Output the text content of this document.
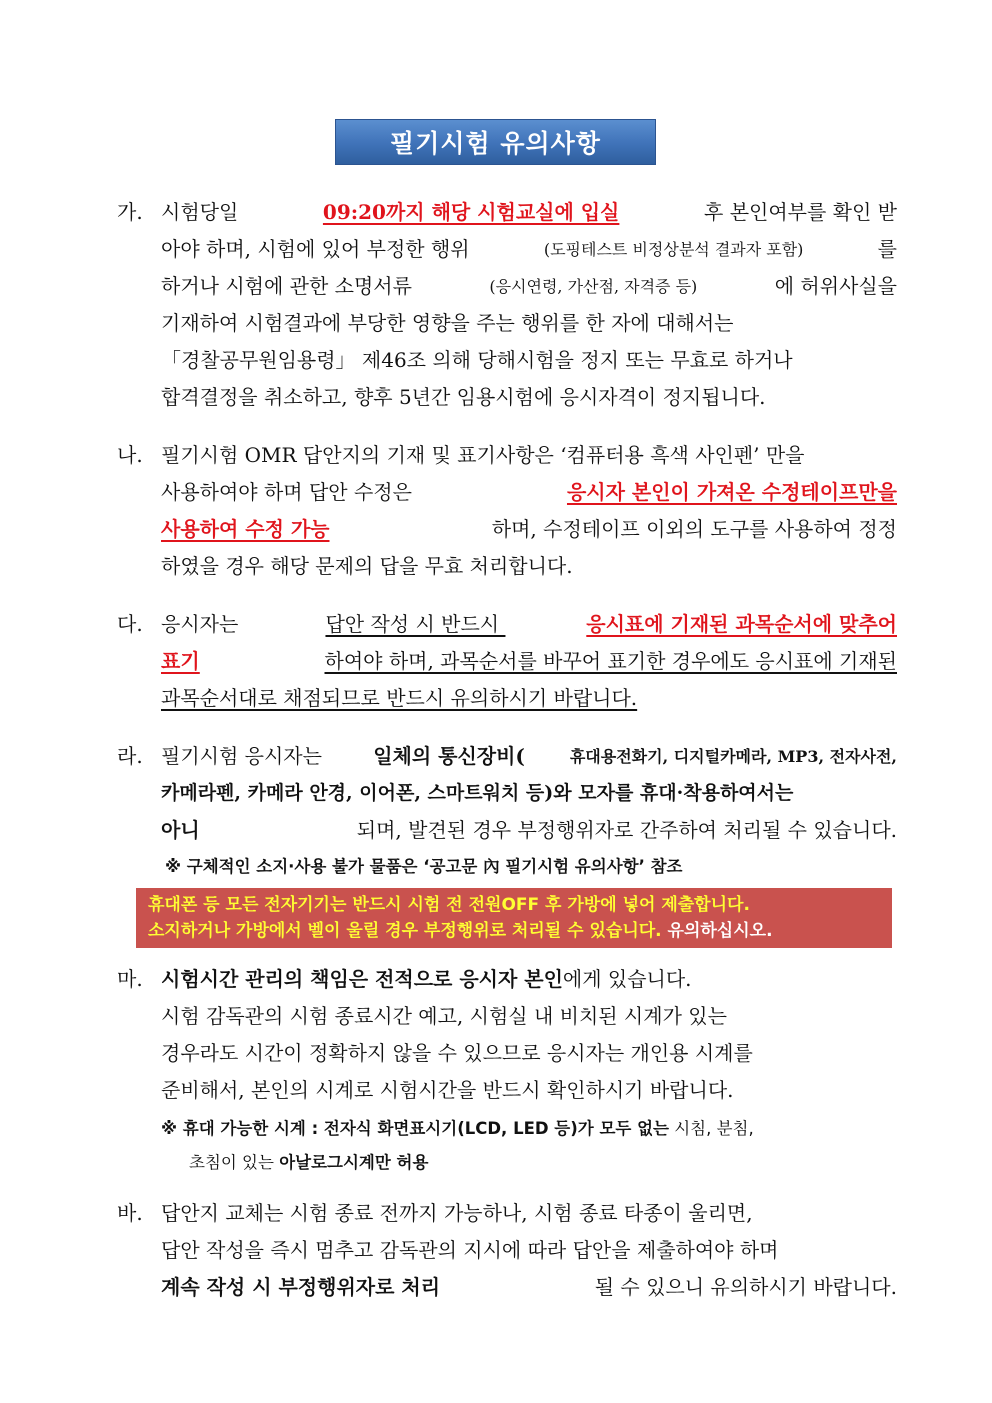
필기시험 유의사항
가. 시험당일	09:20까지 해당 시험교실에 입실	후 본인여부를 확인 받
아야 하며, 시험에 있어 부정한 행위	(도핑테스트 비정상분석 결과자 포함)	를
하거나 시험에 관한 소명서류	(응시연령, 가산점, 자격증 등)	에 허위사실을
기재하여 시험결과에 부당한 영향을 주는 행위를 한 자에 대해서는
「경찰공무원임용령」 제46조 의해 당해시험을 정지 또는 무효로 하거나
합격결정을 취소하고, 향후 5년간 임용시험에 응시자격이 정지됩니다.
나. 필기시험 OMR 답안지의 기재 및 표기사항은 ‘컴퓨터용 흑색 사인펜’ 만을
사용하여야 하며 답안 수정은	응시자 본인이 가져온 수정테이프만을
사용하여 수정 가능	하며, 수정테이프 이외의 도구를 사용하여 정정
하였을 경우 해당 문제의 답을 무효 처리합니다.
다. 응시자는	답안 작성 시 반드시	응시표에 기재된 과목순서에 맞추어
표기	하여야 하며, 과목순서를 바꾸어 표기한 경우에도 응시표에 기재된
과목순서대로 채점되므로 반드시 유의하시기 바랍니다.
라. 필기시험 응시자는 일체의 통신장비(	휴대용전화기, 디지털카메라, MP3, 전자사전,
카메라펜, 카메라 안경, 이어폰, 스마트워치 등)와 모자를 휴대·착용하여서는
아니	되며, 발견된 경우 부정행위자로 간주하여 처리될 수 있습니다.
※ 구체적인 소지·사용 불가 물품은 ‘공고문 內 필기시험 유의사항’ 참조
휴대폰 등 모든 전자기기는 반드시 시험 전 전원OFF 후 가방에 넣어 제출합니다.
소지하거나 가방에서 벨이 울릴 경우 부정행위로 처리될 수 있습니다. 유의하십시오.
마. 시험시간 관리의 책임은 전적으로 응시자 본인 에게 있습니다.
시험 감독관의 시험 종료시간 예고, 시험실 내 비치된 시계가 있는
경우라도 시간이 정확하지 않을 수 있으므로 응시자는 개인용 시계를
준비해서, 본인의 시계로 시험시간을 반드시 확인하시기 바랍니다.
※ 휴대 가능한 시계 : 전자식 화면표시기(LCD, LED 등)가 모두 없는 시침, 분침,
초침이 있는 아날로그시계만 허용
바. 답안지 교체는 시험 종료 전까지 가능하나, 시험 종료 타종이 울리면,
답안 작성을 즉시 멈추고 감독관의 지시에 따라 답안을 제출하여야 하며
계속 작성 시 부정행위자로 처리	될 수 있으니 유의하시기 바랍니다.
